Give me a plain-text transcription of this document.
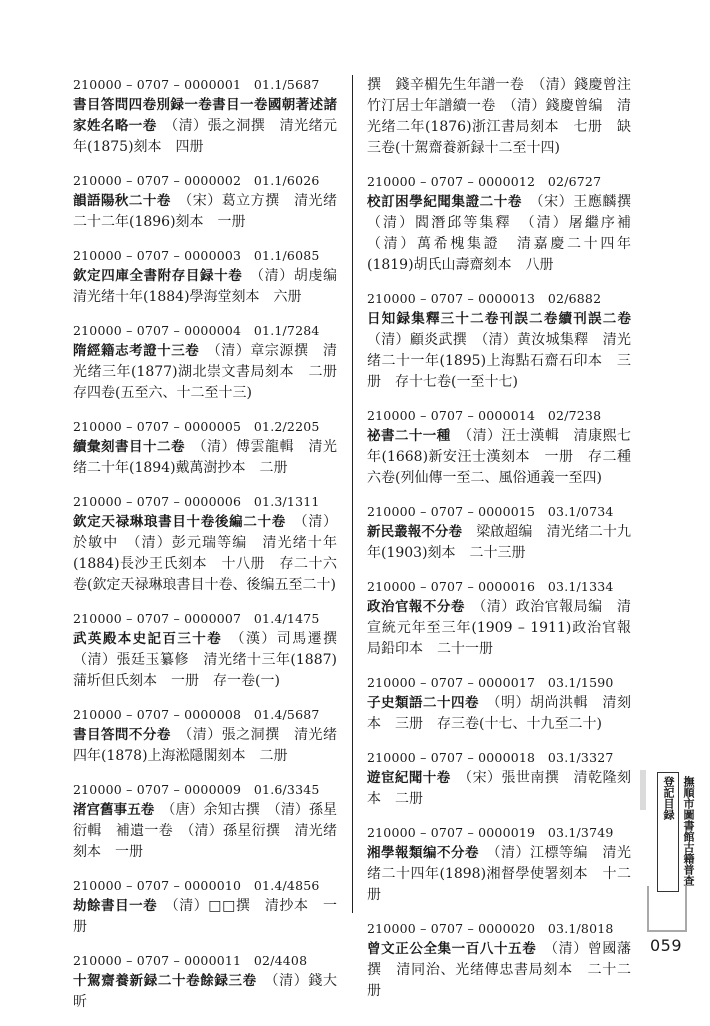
210000 – 0707 – 0000001　01.1/5687
書目答問四卷別録一卷書目一卷國朝著述諸家姓名略一卷　 （清）張之洞撰　清光绪元年(1875)刻本　四册
210000 – 0707 – 0000002　01.1/6026
韻語陽秋二十卷　 （宋）葛立方撰　清光绪二十二年(1896)刻本　一册
210000 – 0707 – 0000003　01.1/6085
欽定四庫全書附存目録十卷　 （清）胡虔编　清光绪十年(1884)學海堂刻本　六册
210000 – 0707 – 0000004　01.1/7284
隋經籍志考證十三卷　 （清）章宗源撰　清光绪三年(1877)湖北崇文書局刻本　二册　存四卷(五至六、十二至十三)
210000 – 0707 – 0000005　01.2/2205
續彙刻書目十二卷　 （清）傅雲龍輯　清光绪二十年(1894)戴萬澍抄本　二册
210000 – 0707 – 0000006　01.3/1311
欽定天禄琳琅書目十卷後編二十卷　 （清）於敏中　（清）彭元瑞等编　清光绪十年(1884)長沙王氏刻本　十八册　存二十六卷(欽定天禄琳琅書目十卷、後编五至二十)
210000 – 0707 – 0000007　01.4/1475
武英殿本史記百三十卷　 （漢）司馬遷撰　（清）張廷玉纂修　清光绪十三年(1887)蒲圻但氏刻本　一册　存一卷(一)
210000 – 0707 – 0000008　01.4/5687
書目答問不分卷　 （清）張之洞撰　清光绪四年(1878)上海淞隱閣刻本　二册
210000 – 0707 – 0000009　01.6/3345
渚宫舊事五卷　 （唐）余知古撰　（清）孫星衍輯　補遺一卷　（清）孫星衍撰　清光绪刻本　一册
210000 – 0707 – 0000010　01.4/4856
劫餘書目一卷　 （清）□□撰　清抄本　一册
210000 – 0707 – 0000011　02/4408
十駕齋養新録二十卷餘録三卷　 （清）錢大昕
撰　錢辛楣先生年譜一卷　（清）錢慶曾注　竹汀居士年譜續一卷　（清）錢慶曾编　清光绪二年(1876)浙江書局刻本　七册　缺三卷(十駕齋養新録十二至十四)
210000 – 0707 – 0000012　02/6727
校訂困學紀聞集證二十卷　 （宋）王應麟撰　（清）閻潛邱等集釋　（清）屠繼序補　（清）萬希槐集證　清嘉慶二十四年(1819)胡氏山壽齋刻本　八册
210000 – 0707 – 0000013　02/6882
日知録集釋三十二卷刊誤二卷續刊誤二卷　（清）顧炎武撰　（清）黄汝城集釋　清光绪二十一年(1895)上海點石齋石印本　三册　存十七卷(一至十七)
210000 – 0707 – 0000014　02/7238
祕書二十一種　 （清）汪士漢輯　清康熙七年(1668)新安汪士漢刻本　一册　存二種六卷(列仙傳一至二、風俗通義一至四)
210000 – 0707 – 0000015　03.1/0734
新民叢報不分卷　 梁啟超编　清光绪二十九年(1903)刻本　二十三册
210000 – 0707 – 0000016　03.1/1334
政治官報不分卷　 （清）政治官報局编　清宣統元年至三年(1909 – 1911)政治官報局鉛印本　二十一册
210000 – 0707 – 0000017　03.1/1590
子史類語二十四卷　 （明）胡尚洪輯　清刻本　三册　存三卷(十七、十九至二十)
210000 – 0707 – 0000018　03.1/3327
遊宦紀聞十卷　 （宋）張世南撰　清乾隆刻本　二册
210000 – 0707 – 0000019　03.1/3749
湘學報類编不分卷　 （清）江標等编　清光绪二十四年(1898)湘督學使署刻本　十二册
210000 – 0707 – 0000020　03.1/8018
曾文正公全集一百八十五卷　 （清）曾國藩撰　清同治、光绪傳忠書局刻本　二十二册
撫順市圖書館古籍普查登記目録
059
